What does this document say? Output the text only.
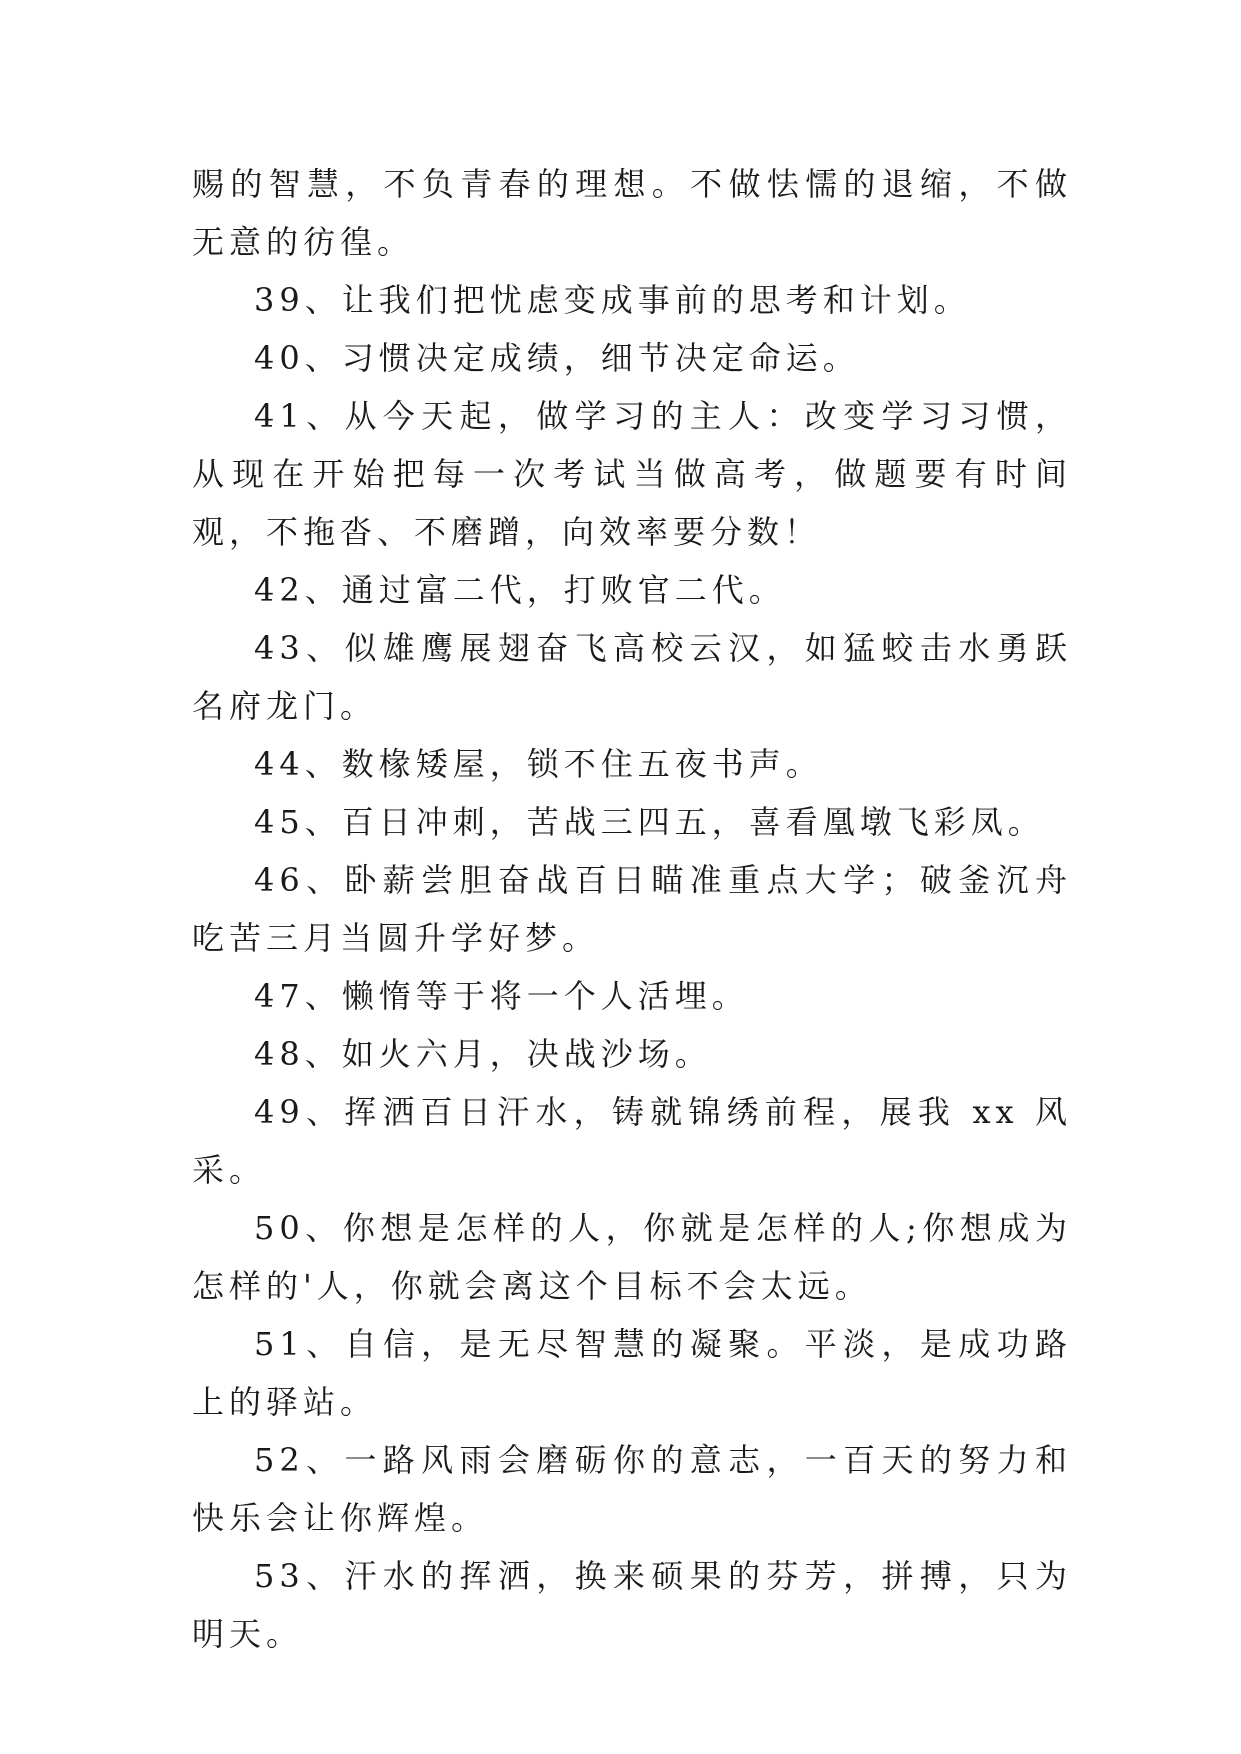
赐的智慧，不负青春的理想。不做怯懦的退缩，不做无意的彷徨。

39、让我们把忧虑变成事前的思考和计划。

40、习惯决定成绩，细节决定命运。

41、从今天起，做学习的主人：改变学习习惯，从现在开始把每一次考试当做高考，做题要有时间观，不拖沓、不磨蹭，向效率要分数！

42、通过富二代，打败官二代。

43、似雄鹰展翅奋飞高校云汉，如猛蛟击水勇跃名府龙门。

44、数椽矮屋，锁不住五夜书声。

45、百日冲刺，苦战三四五，喜看凰墩飞彩凤。

46、卧薪尝胆奋战百日瞄准重点大学；破釜沉舟吃苦三月当圆升学好梦。

47、懒惰等于将一个人活埋。

48、如火六月，决战沙场。

49、挥洒百日汗水，铸就锦绣前程，展我 xx 风采。

50、你想是怎样的人，你就是怎样的人;你想成为怎样的'人，你就会离这个目标不会太远。

51、自信，是无尽智慧的凝聚。平淡，是成功路上的驿站。

52、一路风雨会磨砺你的意志，一百天的努力和快乐会让你辉煌。

53、汗水的挥洒，换来硕果的芬芳，拼搏，只为明天。
